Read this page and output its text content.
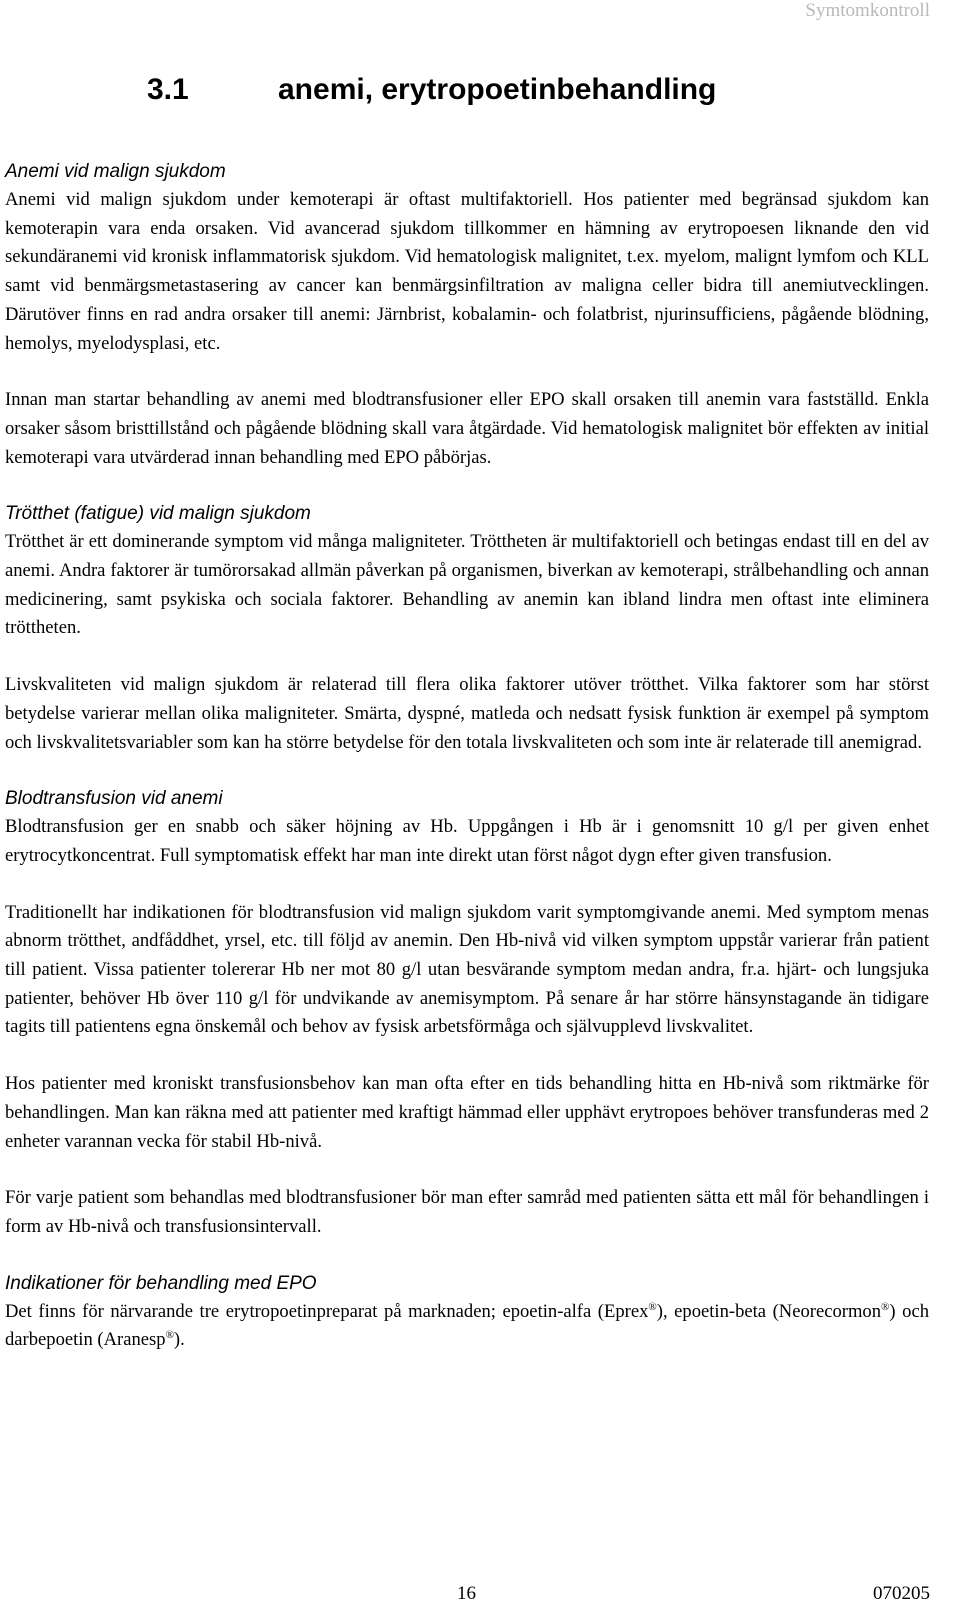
Symtomkontroll
3.1	anemi, erytropoetinbehandling

Anemi vid malign sjukdom

Anemi vid malign sjukdom under kemoterapi är oftast multifaktoriell. Hos patienter med begränsad sjukdom kan kemoterapin vara enda orsaken. Vid avancerad sjukdom tillkommer en hämning av erytropoesen liknande den vid sekundäranemi vid kronisk inflammatorisk sjukdom. Vid hematologisk malignitet, t.ex. myelom, malignt lymfom och KLL samt vid benmärgsmetastasering av cancer kan benmärgsinfiltration av maligna celler bidra till anemiutvecklingen. Därutöver finns en rad andra orsaker till anemi: Järnbrist, kobalamin- och folatbrist, njurinsufficiens, pågående blödning, hemolys, myelodysplasi, etc.

Innan man startar behandling av anemi med blodtransfusioner eller EPO skall orsaken till anemin vara fastställd. Enkla orsaker såsom bristtillstånd och pågående blödning skall vara åtgärdade. Vid hematologisk malignitet bör effekten av initial kemoterapi vara utvärderad innan behandling med EPO påbörjas.

Trötthet (fatigue) vid malign sjukdom

Trötthet är ett dominerande symptom vid många maligniteter. Tröttheten är multifaktoriell och betingas endast till en del av anemi. Andra faktorer är tumörorsakad allmän påverkan på organismen, biverkan av kemoterapi, strålbehandling och annan medicinering, samt psykiska och sociala faktorer. Behandling av anemin kan ibland lindra men oftast inte eliminera tröttheten.

Livskvaliteten vid malign sjukdom är relaterad till flera olika faktorer utöver trötthet. Vilka faktorer som har störst betydelse varierar mellan olika maligniteter. Smärta, dyspné, matleda och nedsatt fysisk funktion är exempel på symptom och livskvalitetsvariabler som kan ha större betydelse för den totala livskvaliteten och som inte är relaterade till anemigrad.

Blodtransfusion vid anemi

Blodtransfusion ger en snabb och säker höjning av Hb. Uppgången i Hb är i genomsnitt 10 g/l per given enhet erytrocytkoncentrat. Full symptomatisk effekt har man inte direkt utan först något dygn efter given transfusion.

Traditionellt har indikationen för blodtransfusion vid malign sjukdom varit symptomgivande anemi. Med symptom menas abnorm trötthet, andfåddhet, yrsel, etc. till följd av anemin. Den Hb-nivå vid vilken symptom uppstår varierar från patient till patient. Vissa patienter tolererar Hb ner mot 80 g/l utan besvärande symptom medan andra, fr.a. hjärt- och lungsjuka patienter, behöver Hb över 110 g/l för undvikande av anemisymptom. På senare år har större hänsynstagande än tidigare tagits till patientens egna önskemål och behov av fysisk arbetsförmåga och självupplevd livskvalitet.

Hos patienter med kroniskt transfusionsbehov kan man ofta efter en tids behandling hitta en Hb-nivå som riktmärke för behandlingen. Man kan räkna med att patienter med kraftigt hämmad eller upphävt erytropoes behöver transfunderas med 2 enheter varannan vecka för stabil Hb-nivå.

För varje patient som behandlas med blodtransfusioner bör man efter samråd med patienten sätta ett mål för behandlingen i form av Hb-nivå och transfusionsintervall.

Indikationer för behandling med EPO

Det finns för närvarande tre erytropoetinpreparat på marknaden; epoetin-alfa (Eprex®), epoetin-beta (Neorecormon®) och darbepoetin (Aranesp®).

16	070205
